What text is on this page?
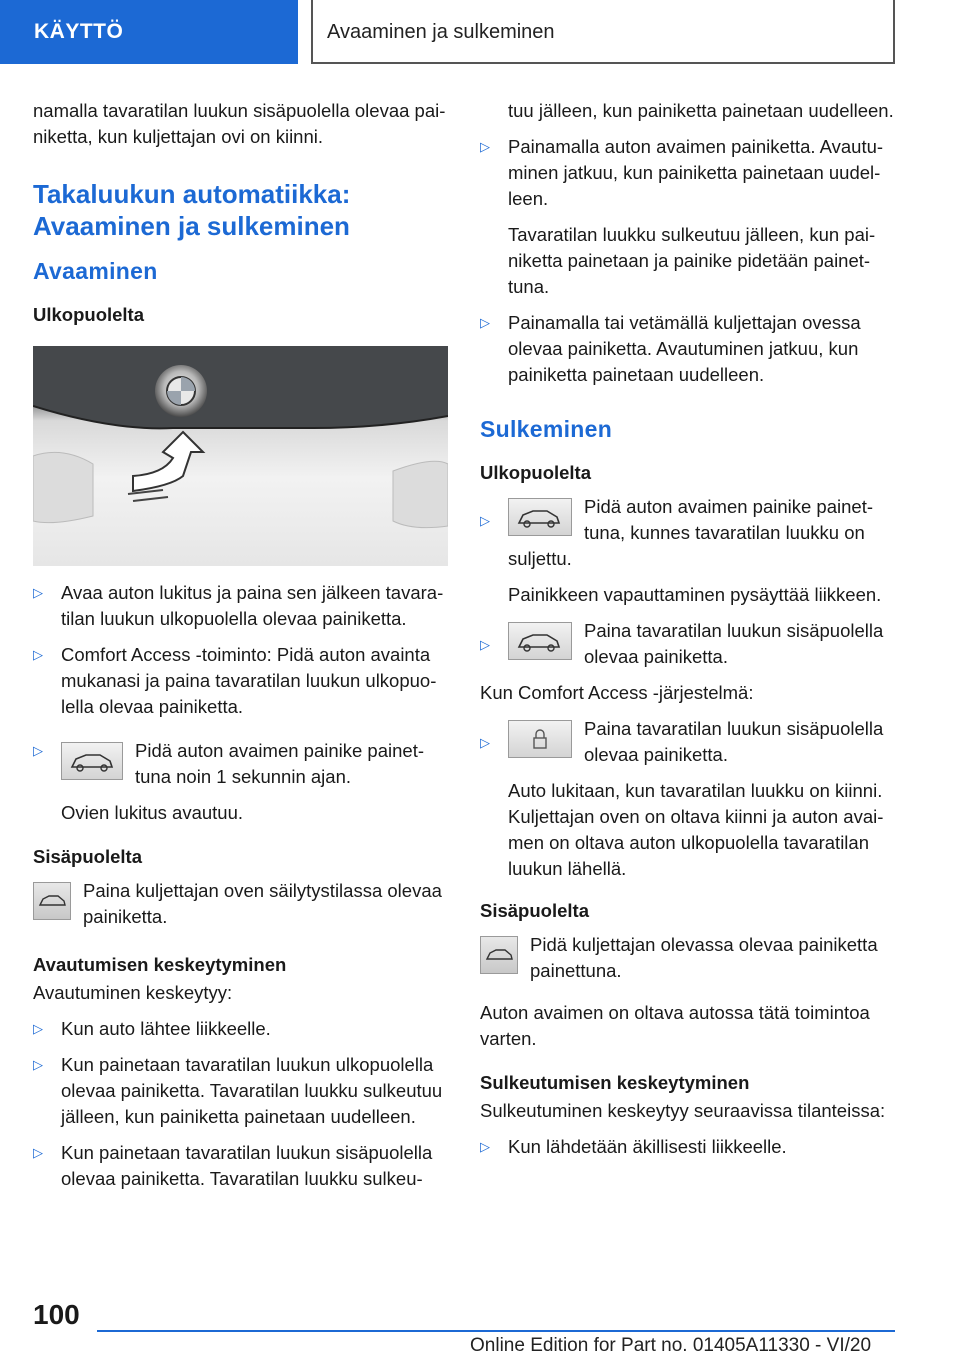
KÄYTTÖ	Avaaminen ja sulkeminen

namalla tavaratilan luukun sisäpuolella olevaa painiketta, kun kuljettajan ovi on kiinni.

Takaluukun automatiikka: Avaaminen ja sulkeminen
Avaaminen
Ulkopuolelta
▷ Avaa auton lukitus ja paina sen jälkeen tavaratilan luukun ulkopuolella olevaa painiketta.
▷ Comfort Access -toiminto: Pidä auton avainta mukanasi ja paina tavaratilan luukun ulkopuolella olevaa painiketta.
▷	Pidä auton avaimen painike painettuna noin 1 sekunnin ajan.

Ovien lukitus avautuu.

Sisäpuolelta
Paina kuljettajan oven säilytystilassa olevaa painiketta.
Avautumisen keskeytyminen

Avautuminen keskeytyy:

▷ Kun auto lähtee liikkeelle.
▷ Kun painetaan tavaratilan luukun ulkopuolella olevaa painiketta. Tavaratilan luukku sulkeutuu jälleen, kun painiketta painetaan uudelleen.
▷ Kun painetaan tavaratilan luukun sisäpuolella olevaa painiketta. Tavaratilan luukku sulkeu-

tuu jälleen, kun painiketta painetaan uudelleen.

▷ Painamalla auton avaimen painiketta. Avautuminen jatkuu, kun painiketta painetaan uudelleen.

Tavaratilan luukku sulkeutuu jälleen, kun painiketta painetaan ja painike pidetään painettuna.

▷ Painamalla tai vetämällä kuljettajan ovessa olevaa painiketta. Avautuminen jatkuu, kun painiketta painetaan uudelleen.
Sulkeminen
Ulkopuolelta
▷
Pidä auton avaimen painike painettuna, kunnes tavaratilan luukku on suljettu.

Painikkeen vapauttaminen pysäyttää liikkeen.

▷
Paina tavaratilan luukun sisäpuolella olevaa painiketta.

Kun Comfort Access -järjestelmä:

▷
Paina tavaratilan luukun sisäpuolella olevaa painiketta.

Auto lukitaan, kun tavaratilan luukku on kiinni. Kuljettajan oven on oltava kiinni ja auton avaimen on oltava auton ulkopuolella tavaratilan luukun lähellä.

Sisäpuolelta
Pidä kuljettajan olevassa olevaa painiketta painettuna.

Auton avaimen on oltava autossa tätä toimintoa varten.

Sulkeutumisen keskeytyminen

Sulkeutuminen keskeytyy seuraavissa tilanteissa:

▷ Kun lähdetään äkillisesti liikkeelle.
100
Online Edition for Part no. 01405A11330 - VI/20
